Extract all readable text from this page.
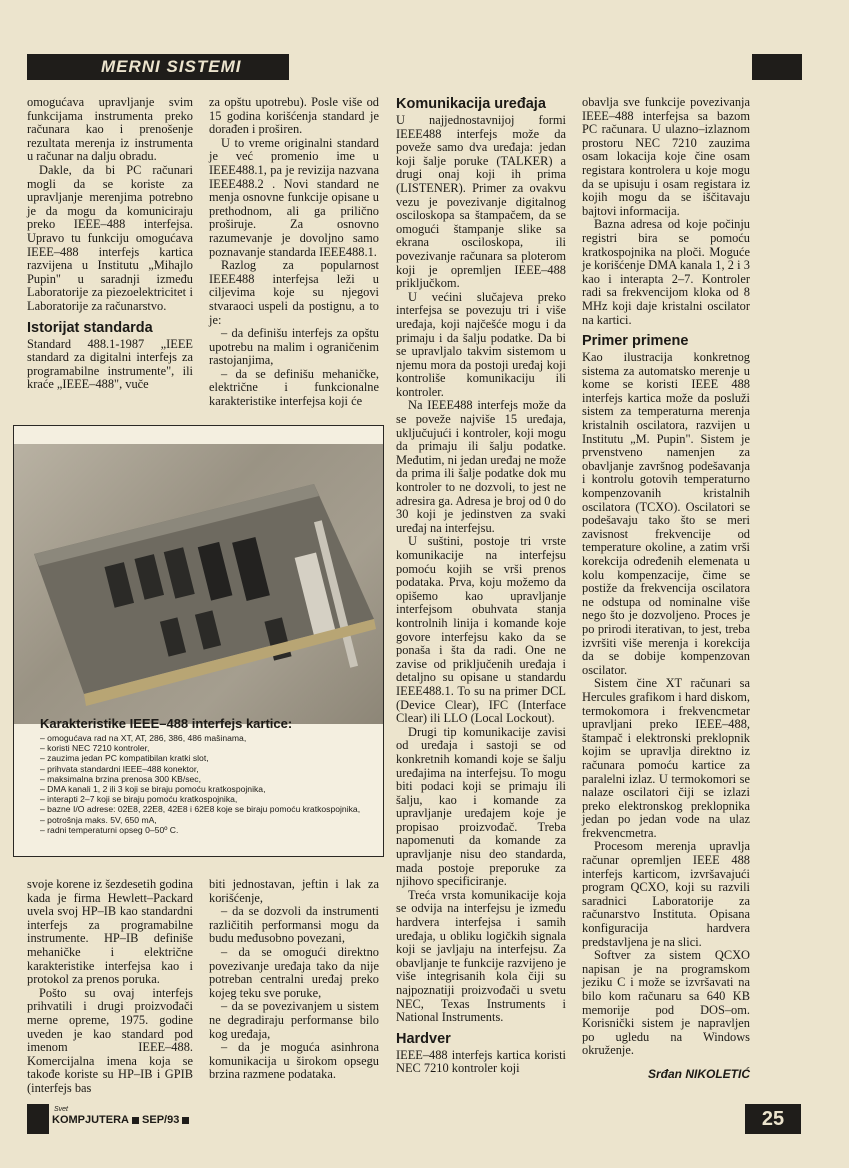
MERNI SISTEMI

omogućava upravljanje svim funkcijama instrumenta preko računara kao i prenošenje rezultata merenja iz instrumenta u računar na dalju obradu.

Dakle, da bi PC računari mogli da se koriste za upravljanje merenjima potrebno je da mogu da komuniciraju preko IEEE–488 interfejsa. Upravo tu funkciju omogućava IEEE–488 interfejs kartica razvijena u Institutu „Mihajlo Pupin" u saradnji između Laboratorije za piezoelektricitet i Laboratorije za računarstvo.

Istorijat standarda

Standard 488.1-1987 „IEEE standard za digitalni interfejs za programabilne instrumente", ili kraće „IEEE–488", vuče

za opštu upotrebu). Posle više od 15 godina korišćenja standard je dorađen i proširen.

U to vreme originalni standard je već promenio ime u IEEE488.1, pa je revizija nazvana IEEE488.2 . Novi standard ne menja osnovne funkcije opisane u prethodnom, ali ga prilično proširuje. Za osnovno razumevanje je dovoljno samo poznavanje standarda IEEE488.1.

Razlog za popularnost IEEE488 interfejsa leži u ciljevima koje su njegovi stvaraoci uspeli da postignu, a to je:

– da definišu interfejs za opštu upotrebu na malim i ograničenim rastojanjima,

– da se definišu mehaničke, električne i funkcionalne karakteristike interfejsa koji će

Komunikacija uređaja

U najjednostavnijoj formi IEEE488 interfejs može da poveže samo dva uređaja: jedan koji šalje poruke (TALKER) a drugi onaj koji ih prima (LISTENER). Primer za ovakvu vezu je povezivanje digitalnog osciloskopa sa štampačem, da se omogući štampanje slike sa ekrana osciloskopa, ili povezivanje računara sa ploterom koji je opremljen IEEE–488 priključkom.

U većini slučajeva preko interfejsa se povezuju tri i više uređaja, koji najčešće mogu i da primaju i da šalju podatke. Da bi se upravljalo takvim sistemom u njemu mora da postoji uređaj koji kontroliše komunikaciju ili kontroler.

Na IEEE488 interfejs može da se poveže najviše 15 uređaja, uključujući i kontroler, koji mogu da primaju ili šalju podatke. Međutim, ni jedan uređaj ne može da prima ili šalje podatke dok mu kontroler to ne dozvoli, to jest ne adresira ga. Adresa je broj od 0 do 30 koji je jedinstven za svaki uređaj na interfejsu.

U suštini, postoje tri vrste komunikacije na interfejsu pomoću kojih se vrši prenos podataka. Prva, koju možemo da opišemo kao upravljanje interfejsom obuhvata stanja kontrolnih linija i komande koje govore interfejsu kako da se ponaša i šta da radi. One ne zavise od priključenih uređaja i detaljno su opisane u standardu IEEE488.1. To su na primer DCL (Device Clear), IFC (Interface Clear) ili LLO (Local Lockout).

Drugi tip komunikacije zavisi od uređaja i sastoji se od konkretnih komandi koje se šalju uređajima na interfejsu. To mogu biti podaci koji se primaju ili šalju, kao i komande za upravljanje uređajem koje je propisao proizvođač. Treba napomenuti da komande za upravljanje nisu deo standarda, mada postoje preporuke za njihovo specificiranje.

Treća vrsta komunikacije koja se odvija na interfejsu je između hardvera interfejsa i samih uređaja, u obliku logičkih signala koji se javljaju na interfejsu. Za obavljanje te funkcije razvijeno je više integrisanih kola čiji su najpoznatiji proizvođači u svetu NEC, Texas Instruments i National Instruments.

Hardver

IEEE–488 interfejs kartica koristi NEC 7210 kontroler koji

obavlja sve funkcije povezivanja IEEE–488 interfejsa sa bazom PC računara. U ulazno–izlaznom prostoru NEC 7210 zauzima osam lokacija koje čine osam registara kontrolera u koje mogu da se upisuju i osam registara iz kojih mogu da se iščitavaju bajtovi informacija.

Bazna adresa od koje počinju registri bira se pomoću kratkospojnika na ploči. Moguće je korišćenje DMA kanala 1, 2 i 3 kao i interapta 2–7. Kontroler radi sa frekvencijom kloka od 8 MHz koji daje kristalni oscilator na kartici.

Primer primene

Kao ilustracija konkretnog sistema za automatsko merenje u kome se koristi IEEE 488 interfejs kartica može da posluži sistem za temperaturna merenja kristalnih oscilatora, razvijen u Institutu „M. Pupin". Sistem je prvenstveno namenjen za obavljanje završnog podešavanja i kontrolu gotovih temperaturno kompenzovanih kristalnih oscilatora (TCXO). Oscilatori se podešavaju tako što se meri zavisnost frekvencije od temperature okoline, a zatim vrši korekcija određenih elemenata u kolu kompenzacije, čime se postiže da frekvencija oscilatora ne odstupa od nominalne više nego što je dozvoljeno. Proces je po prirodi iterativan, to jest, treba izvršiti više merenja i korekcija da se dobije kompenzovan oscilator.

Sistem čine XT računari sa Hercules grafikom i hard diskom, termokomora i frekvencmetar upravljani preko IEEE–488, štampač i elektronski preklopnik kojim se upravlja direktno iz računara pomoću kartice za paralelni izlaz. U termokomori se nalaze oscilatori čiji se izlazi preko elektronskog preklopnika jedan po jedan vode na ulaz frekvencmetra.

Procesom merenja upravlja računar opremljen IEEE 488 interfejs karticom, izvršavajući program QCXO, koji su razvili saradnici Laboratorije za računarstvo Instituta. Opisana konfiguracija hardvera predstavljena je na slici.

Softver za sistem QCXO napisan je na programskom jeziku C i može se izvršavati na bilo kom računaru sa 640 KB memorije pod DOS–om. Korisnički sistem je napravljen po ugledu na Windows okruženje.

Srđan NIKOLETIĆ

Karakteristike IEEE–488 interfejs kartice:
– omogućava rad na XT, AT, 286, 386, 486 mašinama,
– koristi NEC 7210 kontroler,
– zauzima jedan PC kompatibilan kratki slot,
– prihvata standardni IEEE–488 konektor,
– maksimalna brzina prenosa 300 KB/sec,
– DMA kanali 1, 2 ili 3 koji se biraju pomoću kratkospojnika,
– interapti 2–7 koji se biraju pomoću kratkospojnika,
– bazne I/O adrese: 02E8, 22E8, 42E8 i 62E8 koje se biraju pomoću kratkospojnika,
– potrošnja maks. 5V, 650 mA,
– radni temperaturni opseg 0–50º C.

svoje korene iz šezdesetih godina kada je firma Hewlett–Packard uvela svoj HP–IB kao standardni interfejs za programabilne instrumente. HP–IB definiše mehaničke i električne karakteristike interfejsa kao i protokol za prenos poruka.

Pošto su ovaj interfejs prihvatili i drugi proizvođači merne opreme, 1975. godine uveden je kao standard pod imenom IEEE–488. Komercijalna imena koja se takođe koriste su HP–IB i GPIB (interfejs bas

biti jednostavan, jeftin i lak za korišćenje,

– da se dozvoli da instrumenti različitih performansi mogu da budu međusobno povezani,

– da se omogući direktno povezivanje uređaja tako da nije potreban centralni uređaj preko kojeg teku sve poruke,

– da se povezivanjem u sistem ne degradiraju performanse bilo kog uređaja,

– da je moguća asinhrona komunikacija u širokom opsegu brzina razmene podataka.

Svet
KOMPJUTERA SEP/93	25
